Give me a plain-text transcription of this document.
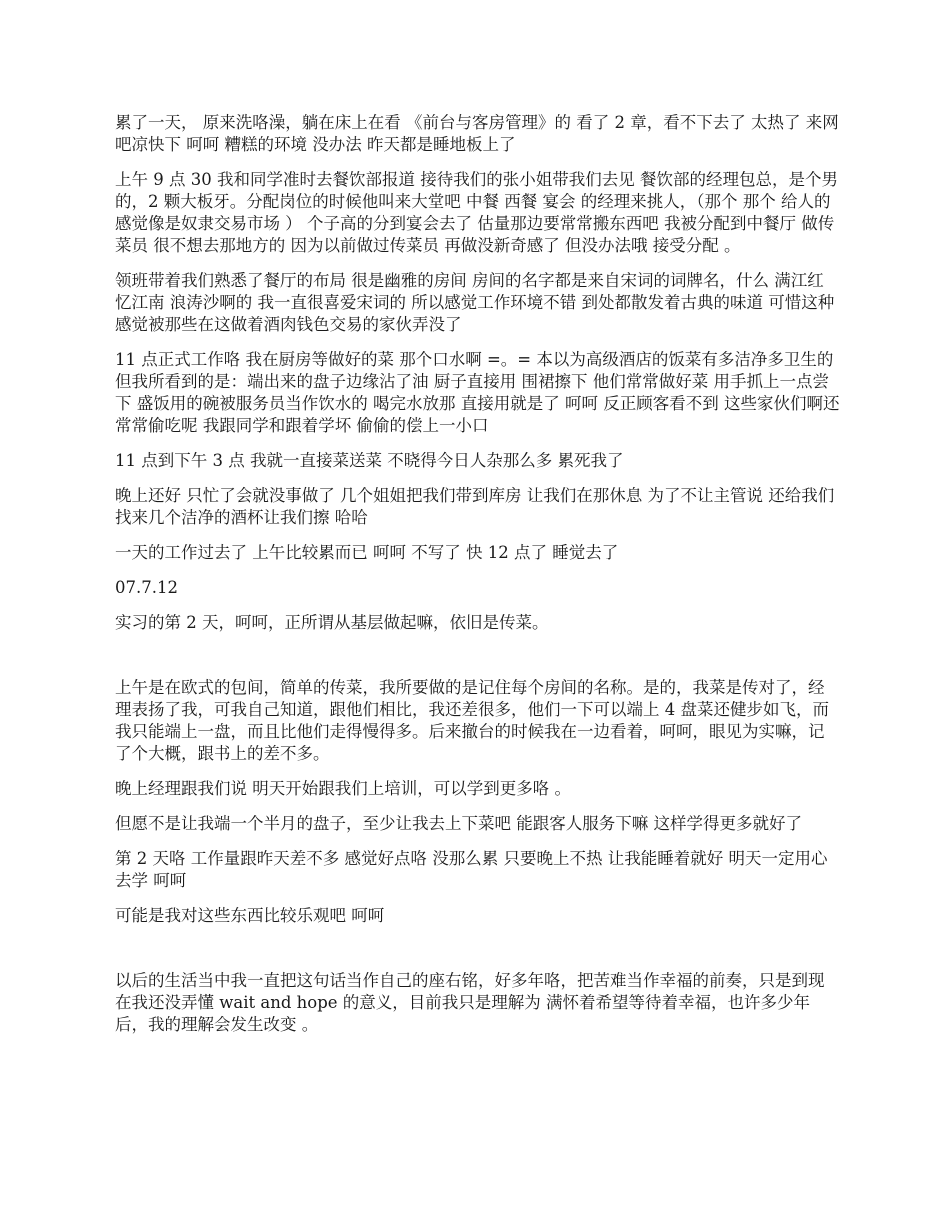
累了一天， 原来洗咯澡，躺在床上在看 《前台与客房管理》的 看了 2 章，看不下去了 太热了 来网吧凉快下 呵呵 糟糕的环境 没办法 昨天都是睡地板上了

上午 9 点 30 我和同学准时去餐饮部报道 接待我们的张小姐带我们去见 餐饮部的经理包总，是个男的，2 颗大板牙。分配岗位的时候他叫来大堂吧 中餐 西餐 宴会 的经理来挑人，（那个 那个 给人的感觉像是奴隶交易市场 ） 个子高的分到宴会去了 估量那边要常常搬东西吧 我被分配到中餐厅 做传菜员 很不想去那地方的 因为以前做过传菜员 再做没新奇感了 但没办法哦 接受分配 。

领班带着我们熟悉了餐厅的布局 很是幽雅的房间 房间的名字都是来自宋词的词牌名，什么 满江红 忆江南 浪涛沙啊的 我一直很喜爱宋词的 所以感觉工作环境不错 到处都散发着古典的味道 可惜这种感觉被那些在这做着酒肉钱色交易的家伙弄没了

11 点正式工作咯 我在厨房等做好的菜 那个口水啊 =。= 本以为高级酒店的饭菜有多洁净多卫生的 但我所看到的是：端出来的盘子边缘沾了油 厨子直接用 围裙擦下 他们常常做好菜 用手抓上一点尝下 盛饭用的碗被服务员当作饮水的 喝完水放那 直接用就是了 呵呵 反正顾客看不到 这些家伙们啊还常常偷吃呢 我跟同学和跟着学坏 偷偷的偿上一小口

11 点到下午 3 点 我就一直接菜送菜 不晓得今日人杂那么多 累死我了

晚上还好 只忙了会就没事做了 几个姐姐把我们带到库房 让我们在那休息 为了不让主管说 还给我们找来几个洁净的酒杯让我们擦 哈哈

一天的工作过去了 上午比较累而已 呵呵 不写了 快 12 点了 睡觉去了

07.7.12

实习的第 2 天，呵呵，正所谓从基层做起嘛，依旧是传菜。

上午是在欧式的包间，简单的传菜，我所要做的是记住每个房间的名称。是的，我菜是传对了，经理表扬了我，可我自己知道，跟他们相比，我还差很多，他们一下可以端上 4 盘菜还健步如飞，而我只能端上一盘，而且比他们走得慢得多。后来撤台的时候我在一边看着，呵呵，眼见为实嘛，记了个大概，跟书上的差不多。

晚上经理跟我们说 明天开始跟我们上培训，可以学到更多咯 。

但愿不是让我端一个半月的盘子，至少让我去上下菜吧 能跟客人服务下嘛 这样学得更多就好了

第 2 天咯 工作量跟昨天差不多 感觉好点咯 没那么累 只要晚上不热 让我能睡着就好 明天一定用心去学 呵呵

可能是我对这些东西比较乐观吧 呵呵

以后的生活当中我一直把这句话当作自己的座右铭，好多年咯，把苦难当作幸福的前奏，只是到现在我还没弄懂 wait and hope 的意义，目前我只是理解为 满怀着希望等待着幸福，也许多少年后，我的理解会发生改变 。
